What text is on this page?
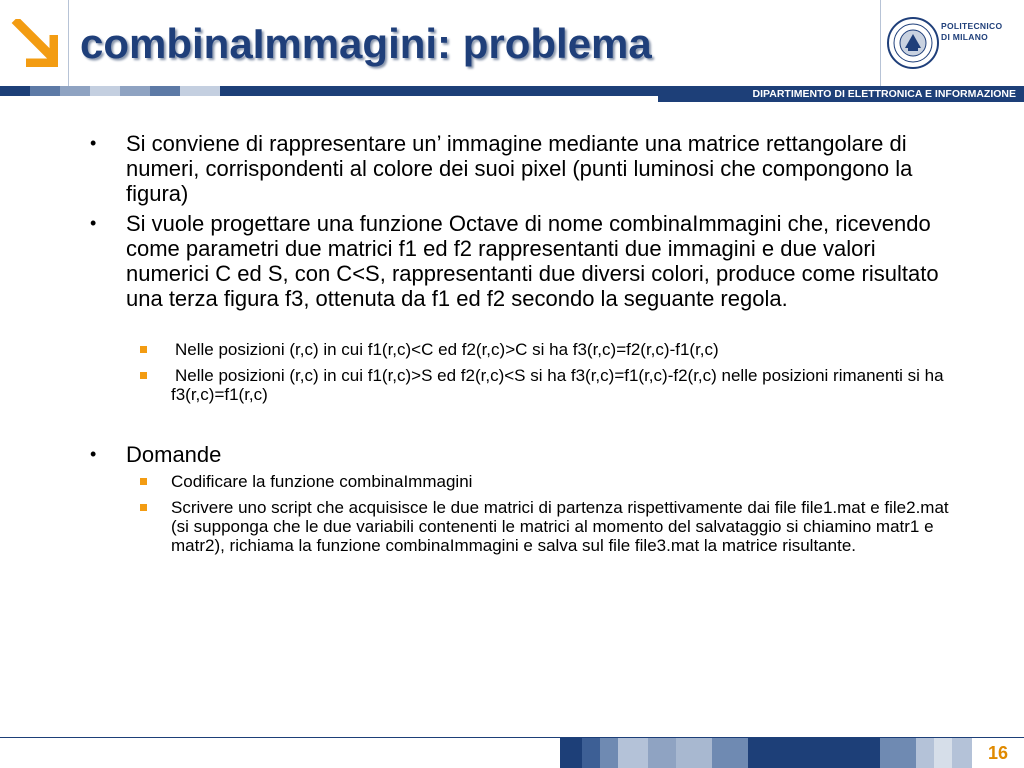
combinaImmagini: problema	POLITECNICO
DI MILANO
DIPARTIMENTO DI ELETTRONICA E INFORMAZIONE
• Si conviene di rappresentare un’ immagine mediante una matrice rettangolare di numeri, corrispondenti al colore dei suoi pixel (punti luminosi che compongono la figura)
• Si vuole progettare una funzione Octave di nome combinaImmagini che, ricevendo come parametri due matrici f1 ed f2 rappresentanti due immagini e due valori numerici C ed S, con C<S, rappresentanti due diversi colori, produce come risultato una terza figura f3, ottenuta da f1 ed f2 secondo la seguante regola.
Nelle posizioni (r,c) in cui f1(r,c)<C ed f2(r,c)>C si ha f3(r,c)=f2(r,c)-f1(r,c)
Nelle posizioni (r,c) in cui f1(r,c)>S ed f2(r,c)<S si ha f3(r,c)=f1(r,c)-f2(r,c) nelle posizioni rimanenti si ha f3(r,c)=f1(r,c)
• Domande
Codificare la funzione combinaImmagini
Scrivere uno script che acquisisce le due matrici di partenza rispettivamente dai file file1.mat e file2.mat (si supponga che le due variabili contenenti le matrici al momento del salvataggio si chiamino matr1 e matr2), richiama la funzione combinaImmagini e salva sul file file3.mat la matrice risultante.
16
